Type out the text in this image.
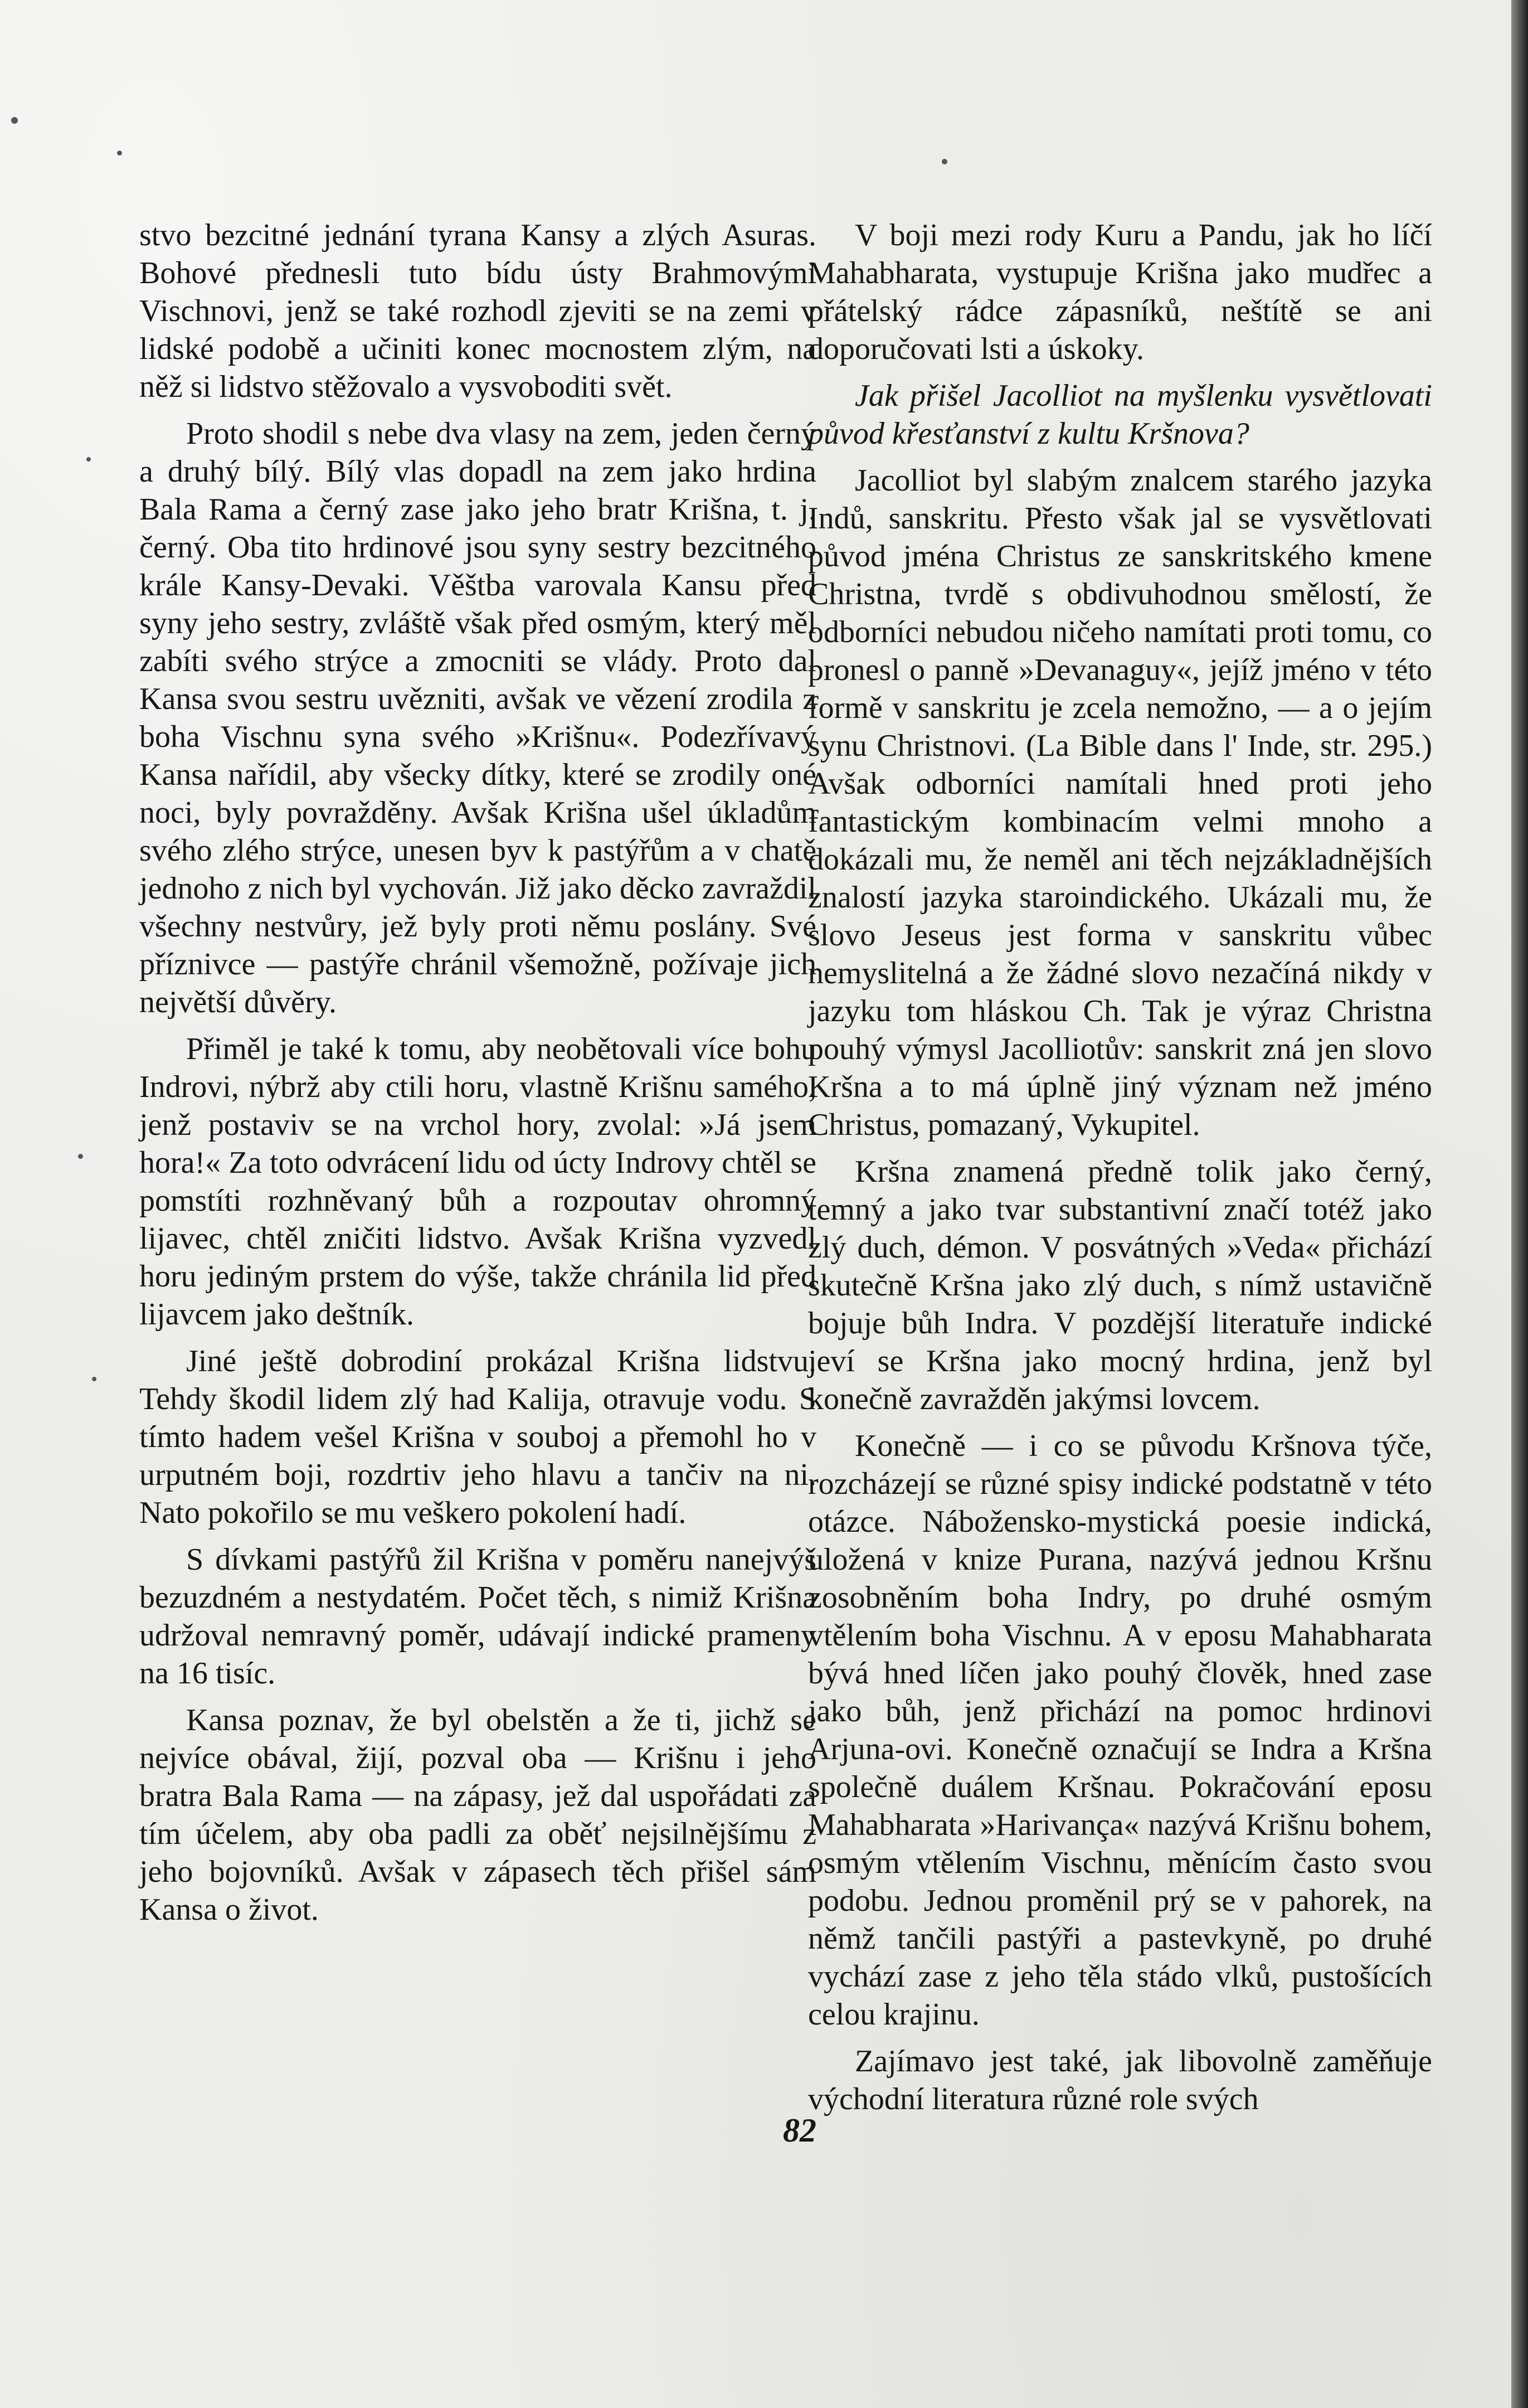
stvo bezcitné jednání tyrana Kansy a zlých Asuras. Bohové přednesli tuto bídu ústy Brahmovými Vischnovi, jenž se také rozhodl zjeviti se na zemi v lidské podobě a učiniti konec mocnostem zlým, na něž si lidstvo stěžovalo a vysvoboditi svět.

Proto shodil s nebe dva vlasy na zem, jeden černý a druhý bílý. Bílý vlas dopadl na zem jako hrdina Bala Rama a černý zase jako jeho bratr Krišna, t. j. černý. Oba tito hrdinové jsou syny sestry bezcitného krále Kansy-Devaki. Věštba varovala Kansu před syny jeho sestry, zvláště však před osmým, který měl zabíti svého strýce a zmocniti se vlády. Proto dal Kansa svou sestru uvězniti, avšak ve vězení zrodila z boha Vischnu syna svého »Krišnu«. Podezřívavý Kansa nařídil, aby všecky dítky, které se zrodily oné noci, byly povražděny. Avšak Krišna ušel úkladům svého zlého strýce, unesen byv k pastýřům a v chatě jednoho z nich byl vychován. Již jako děcko zavraždil všechny nestvůry, jež byly proti němu poslány. Své příznivce — pastýře chránil všemožně, požívaje jich největší důvěry.

Přiměl je také k tomu, aby neobětovali více bohu Indrovi, nýbrž aby ctili horu, vlastně Krišnu samého, jenž postaviv se na vrchol hory, zvolal: »Já jsem hora!« Za toto odvrácení lidu od úcty Indrovy chtěl se pomstíti rozhněvaný bůh a rozpoutav ohromný lijavec, chtěl zničiti lidstvo. Avšak Krišna vyzvedl horu jediným prstem do výše, takže chránila lid před lijavcem jako deštník.

Jiné ještě dobrodiní prokázal Krišna lidstvu. Tehdy škodil lidem zlý had Kalija, otravuje vodu. S tímto hadem vešel Krišna v souboj a přemohl ho v urputném boji, rozdrtiv jeho hlavu a tančiv na ni. Nato pokořilo se mu veškero pokolení hadí.

S dívkami pastýřů žil Krišna v poměru nanejvýš bezuzdném a nestydatém. Počet těch, s nimiž Krišna udržoval nemravný poměr, udávají indické prameny na 16 tisíc.

Kansa poznav, že byl obelstěn a že ti, jichž se nejvíce obával, žijí, pozval oba — Krišnu i jeho bratra Bala Rama — na zápasy, jež dal uspořádati za tím účelem, aby oba padli za oběť nejsilnějšímu z jeho bojovníků. Avšak v zápasech těch přišel sám Kansa o život.

V boji mezi rody Kuru a Pandu, jak ho líčí Mahabharata, vystupuje Krišna jako mudřec a přátelský rádce zápasníků, neštítě se ani doporučovati lsti a úskoky.

Jak přišel Jacolliot na myšlenku vysvětlovati původ křesťanství z kultu Kršnova?

Jacolliot byl slabým znalcem starého jazyka Indů, sanskritu. Přesto však jal se vysvětlovati původ jména Christus ze sanskritského kmene Christna, tvrdě s obdivuhodnou smělostí, že odborníci nebudou ničeho namítati proti tomu, co pronesl o panně »Devanaguy«, jejíž jméno v této formě v sanskritu je zcela nemožno, — a o jejím synu Christnovi. (La Bible dans l' Inde, str. 295.) Avšak odborníci namítali hned proti jeho fantastickým kombinacím velmi mnoho a dokázali mu, že neměl ani těch nejzákladnějších znalostí jazyka staroindického. Ukázali mu, že slovo Jeseus jest forma v sanskritu vůbec nemyslitelná a že žádné slovo nezačíná nikdy v jazyku tom hláskou Ch. Tak je výraz Christna pouhý výmysl Jacolliotův: sanskrit zná jen slovo Kršna a to má úplně jiný význam než jméno Christus, pomazaný, Vykupitel.

Kršna znamená předně tolik jako černý, temný a jako tvar substantivní značí totéž jako zlý duch, démon. V posvátných »Veda« přichází skutečně Kršna jako zlý duch, s nímž ustavičně bojuje bůh Indra. V pozdější literatuře indické jeví se Kršna jako mocný hrdina, jenž byl konečně zavražděn jakýmsi lovcem.

Konečně — i co se původu Kršnova týče, rozcházejí se různé spisy indické podstatně v této otázce. Nábožensko-mystická poesie indická, uložená v knize Purana, nazývá jednou Kršnu zosobněním boha Indry, po druhé osmým vtělením boha Vischnu. A v eposu Mahabharata bývá hned líčen jako pouhý člověk, hned zase jako bůh, jenž přichází na pomoc hrdinovi Arjuna-ovi. Konečně označují se Indra a Kršna společně duálem Kršnau. Pokračování eposu Mahabharata »Harivança« nazývá Krišnu bohem, osmým vtělením Vischnu, měnícím často svou podobu. Jednou proměnil prý se v pahorek, na němž tančili pastýři a pastevkyně, po druhé vychází zase z jeho těla stádo vlků, pustošících celou krajinu.

Zajímavo jest také, jak libovolně zaměňuje východní literatura různé role svých

82
